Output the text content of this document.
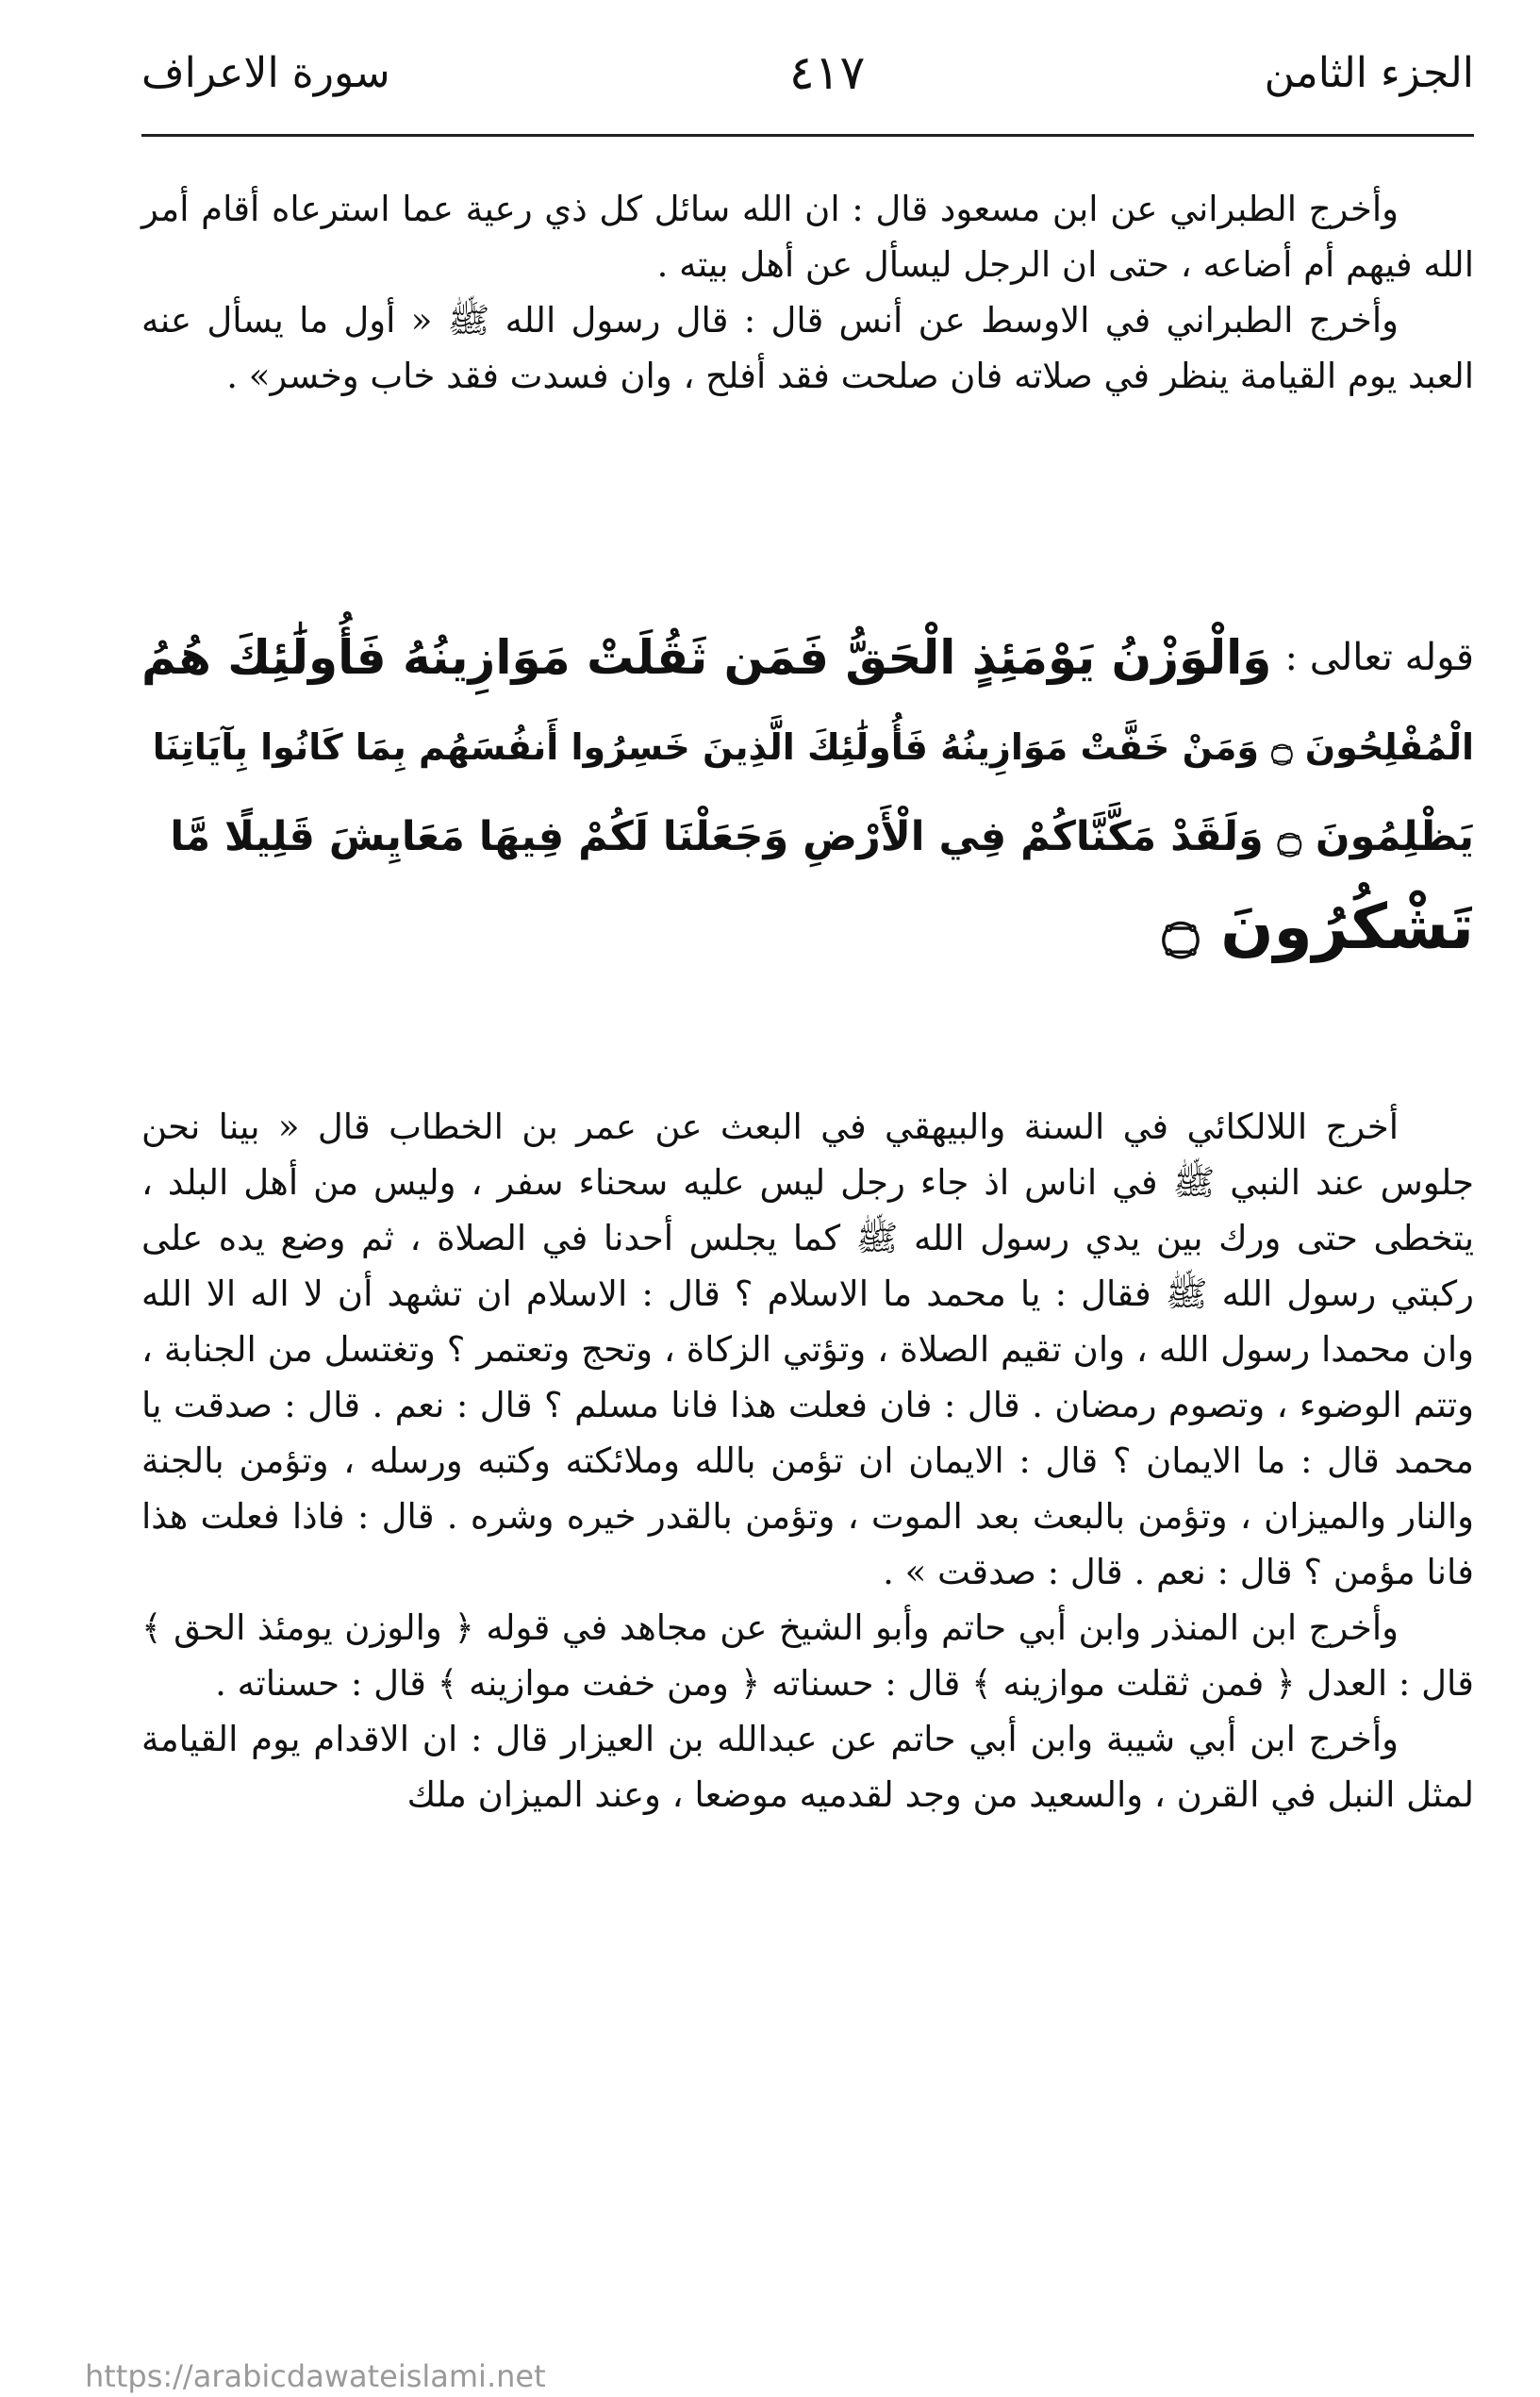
الجزء الثامن
٤١٧
سورة الاعراف

وأخرج الطبراني عن ابن مسعود قال : ان الله سائل كل ذي رعية عما استرعاه أقام أمر الله فيهم أم أضاعه ، حتى ان الرجل ليسأل عن أهل بيته .

وأخرج الطبراني في الاوسط عن أنس قال : قال رسول الله ﷺ « أول ما يسأل عنه العبد يوم القيامة ينظر في صلاته فان صلحت فقد أفلح ، وان فسدت فقد خاب وخسر» .

قوله تعالى :
وَالْوَزْنُ يَوْمَئِذٍ الْحَقُّ فَمَن ثَقُلَتْ مَوَازِينُهُ فَأُولَٰئِكَ هُمُ

الْمُفْلِحُونَ ۝ وَمَنْ خَفَّتْ مَوَازِينُهُ فَأُولَٰئِكَ الَّذِينَ خَسِرُوا أَنفُسَهُم بِمَا كَانُوا بِآيَاتِنَا

يَظْلِمُونَ ۝ وَلَقَدْ مَكَّنَّاكُمْ فِي الْأَرْضِ وَجَعَلْنَا لَكُمْ فِيهَا مَعَايِشَ قَلِيلًا مَّا

تَشْكُرُونَ ۝

أخرج اللالكائي في السنة والبيهقي في البعث عن عمر بن الخطاب قال « بينا نحن جلوس عند النبي ﷺ في اناس اذ جاء رجل ليس عليه سحناء سفر ، وليس من أهل البلد ، يتخطى حتى ورك بين يدي رسول الله ﷺ كما يجلس أحدنا في الصلاة ، ثم وضع يده على ركبتي رسول الله ﷺ فقال : يا محمد ما الاسلام ؟ قال : الاسلام ان تشهد أن لا اله الا الله وان محمدا رسول الله ، وان تقيم الصلاة ، وتؤتي الزكاة ، وتحج وتعتمر ؟ وتغتسل من الجنابة ، وتتم الوضوء ، وتصوم رمضان . قال : فان فعلت هذا فانا مسلم ؟ قال : نعم . قال : صدقت يا محمد قال : ما الايمان ؟ قال : الايمان ان تؤمن بالله وملائكته وكتبه ورسله ، وتؤمن بالجنة والنار والميزان ، وتؤمن بالبعث بعد الموت ، وتؤمن بالقدر خيره وشره . قال : فاذا فعلت هذا فانا مؤمن ؟ قال : نعم . قال : صدقت » .

وأخرج ابن المنذر وابن أبي حاتم وأبو الشيخ عن مجاهد في قوله ﴿ والوزن يومئذ الحق ﴾ قال : العدل ﴿ فمن ثقلت موازينه ﴾ قال : حسناته ﴿ ومن خفت موازينه ﴾ قال : حسناته .

وأخرج ابن أبي شيبة وابن أبي حاتم عن عبدالله بن العيزار قال : ان الاقدام يوم القيامة لمثل النبل في القرن ، والسعيد من وجد لقدميه موضعا ، وعند الميزان ملك

https://arabicdawateislami.net
